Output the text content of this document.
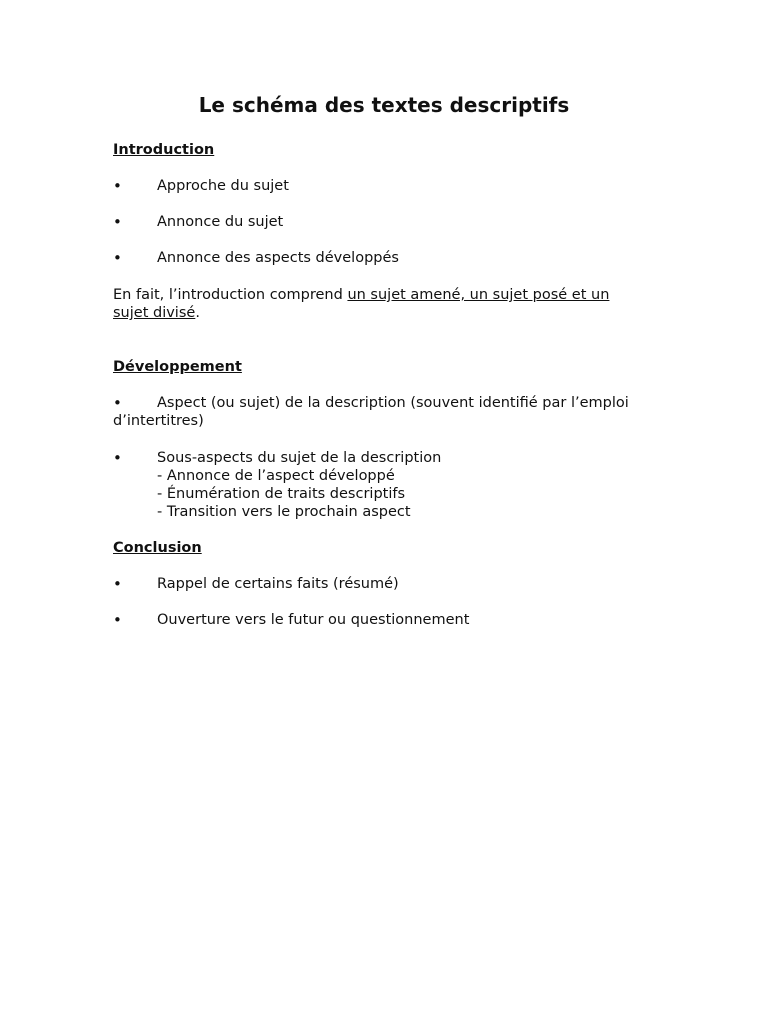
Le schéma des textes descriptifs
Introduction
•	Approche du sujet
•	Annonce du sujet
•	Annonce des aspects développés
En fait, l’introduction comprend un sujet amené, un sujet posé et un
sujet divisé.
Développement
•	Aspect (ou sujet) de la description (souvent identifié par l’emploi
d’intertitres)
•	Sous-aspects du sujet de la description
- Annonce de l’aspect développé
- Énumération de traits descriptifs
- Transition vers le prochain aspect
Conclusion
•	Rappel de certains faits (résumé)
•	Ouverture vers le futur ou questionnement
